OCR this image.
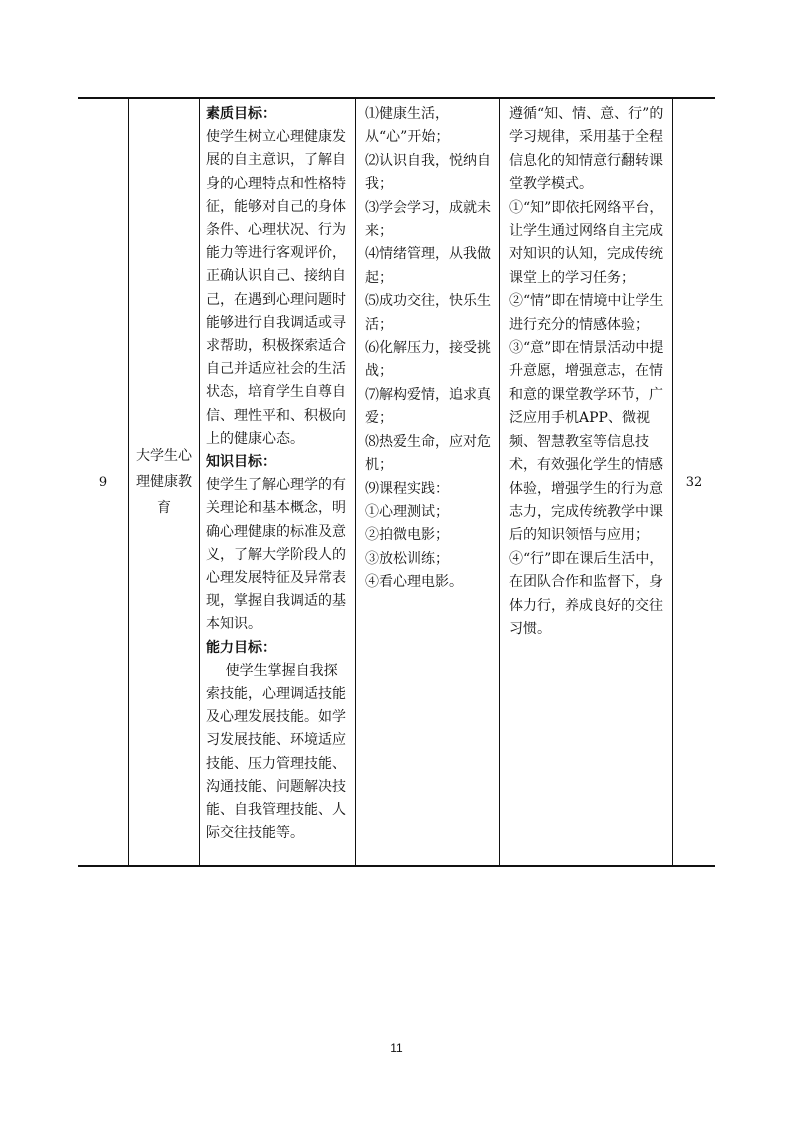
9
大学生心理健康教育
素质目标：
使学生树立心理健康发展的自主意识，了解自身的心理特点和性格特征，能够对自己的身体条件、心理状况、行为能力等进行客观评价，正确认识自己、接纳自己，在遇到心理问题时能够进行自我调适或寻求帮助，积极探索适合自己并适应社会的生活状态，培育学生自尊自信、理性平和、积极向上的健康心态。
知识目标：
使学生了解心理学的有关理论和基本概念，明确心理健康的标准及意义，了解大学阶段人的心理发展特征及异常表现，掌握自我调适的基本知识。
能力目标：
使学生掌握自我探索技能，心理调适技能及心理发展技能。如学习发展技能、环境适应技能、压力管理技能、沟通技能、问题解决技能、自我管理技能、人际交往技能等。
⑴健康生活，从“心”开始；
⑵认识自我，悦纳自我；
⑶学会学习，成就未来；
⑷情绪管理，从我做起；
⑸成功交往，快乐生活；
⑹化解压力，接受挑战；
⑺解构爱情，追求真爱；
⑻热爱生命，应对危机；
⑼课程实践：
①心理测试；
②拍微电影；
③放松训练；
④看心理电影。
遵循“知、情、意、行”的学习规律，采用基于全程信息化的知情意行翻转课堂教学模式。
①“知”即依托网络平台，让学生通过网络自主完成对知识的认知，完成传统课堂上的学习任务；
②“情”即在情境中让学生进行充分的情感体验；
③“意”即在情景活动中提升意愿，增强意志，在情和意的课堂教学环节，广泛应用手机APP、微视频、智慧教室等信息技术，有效强化学生的情感体验，增强学生的行为意志力，完成传统教学中课后的知识领悟与应用；
④“行”即在课后生活中，在团队合作和监督下，身体力行，养成良好的交往习惯。
32
11
